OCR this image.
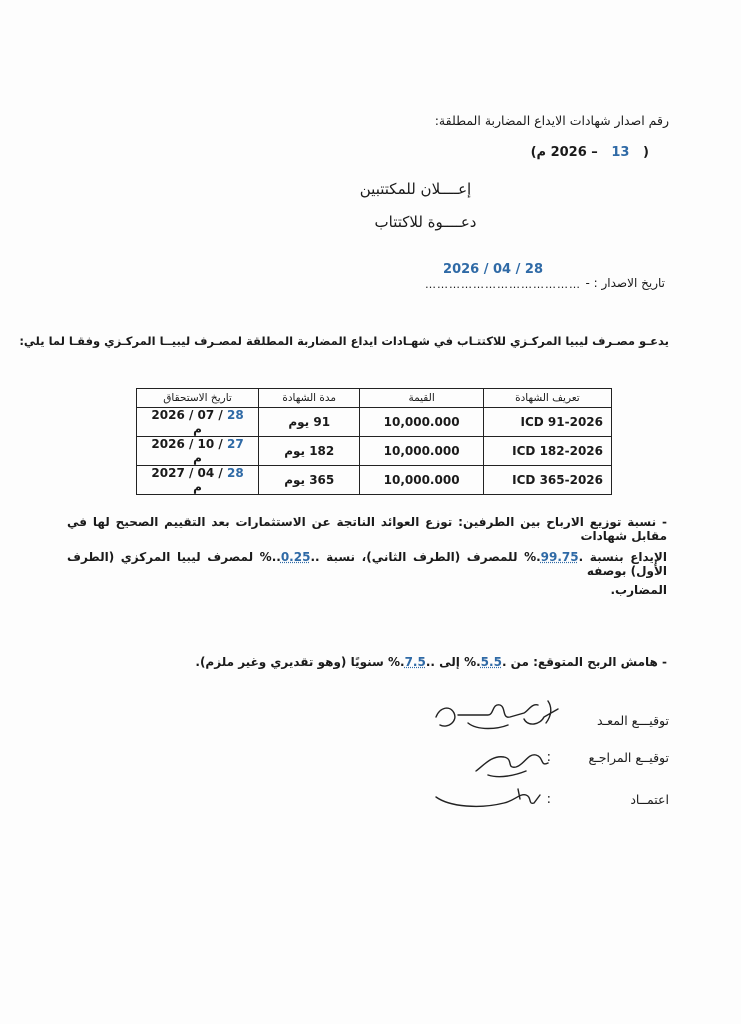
رقم اصدار شهادات الايداع المضاربة المطلقة:
(   13   – 2026 م)
إعــــلان للمكتتبين
دعــــوة للاكتتاب
2026 / 04 / 28
………………………………… تاريخ الاصدار : -
يدعـو مصـرف ليبيا المركـزي للاكتتـاب في شهـادات ايداع المضاربة المطلقة لمصـرف ليبيــا المركـزي وفقـا لما يلي:
تعريف الشهادة	القيمة	مدة الشهادة	تاريخ الاستحقاق
ICD 91-2026	10,000.000	91 يوم	28 / 07 / 2026 م
ICD 182-2026	10,000.000	182 يوم	27 / 10 / 2026 م
ICD 365-2026	10,000.000	365 يوم	28 / 04 / 2027 م
- نسبة توزيع الارباح بين الطرفين: توزع العوائد الناتجة عن الاستثمارات بعد التقييم الصحيح لها في مقابل شهادات
الإيداع بنسبة .99.75.% للمصرف (الطرف الثاني)، نسبة ..0.25..% لمصرف ليبيا المركزي (الطرف الأول) بوصفه
المضارب.
- هامش الربح المتوقع: من .5.5.% إلى ..7.5.% سنويًا (وهو تقديري وغير ملزم).
توقيـــع المعـد
توقيــع المراجـع
:
اعتمــاد
:
